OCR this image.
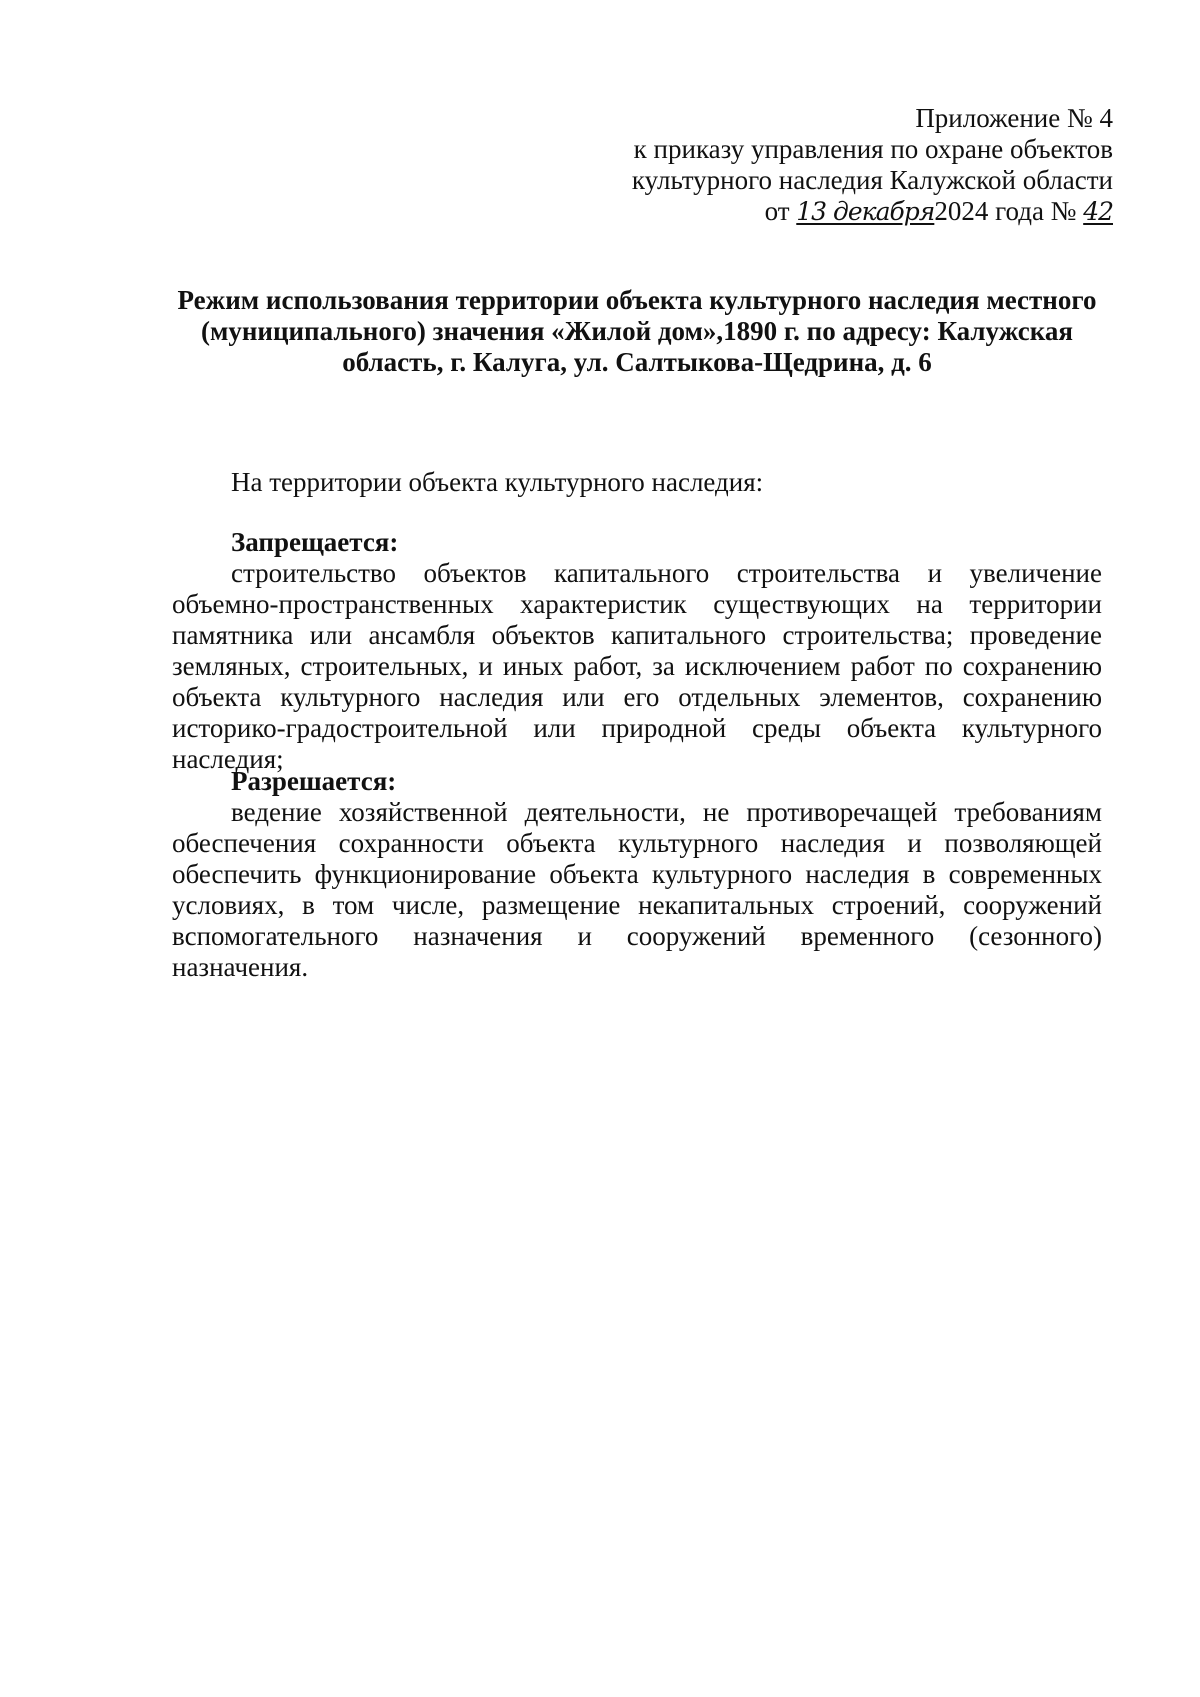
Приложение № 4
к приказу управления по охране объектов
культурного наследия Калужской области
от 13 декабря2024 года № 42
Режим использования территории объекта культурного наследия местного
(муниципального) значения «Жилой дом»,1890 г. по адресу: Калужская
область, г. Калуга, ул. Салтыкова-Щедрина, д. 6
На территории объекта культурного наследия:
Запрещается:

строительство объектов капитального строительства и увеличение объемно-пространственных характеристик существующих на территории памятника или ансамбля объектов капитального строительства; проведение земляных, строительных, и иных работ, за исключением работ по сохранению объекта культурного наследия или его отдельных элементов, сохранению историко-градостроительной или природной среды объекта культурного наследия;

Разрешается:

ведение хозяйственной деятельности, не противоречащей требованиям обеспечения сохранности объекта культурного наследия и позволяющей обеспечить функционирование объекта культурного наследия в современных условиях, в том числе, размещение некапитальных строений, сооружений вспомогательного назначения и сооружений временного (сезонного) назначения.
